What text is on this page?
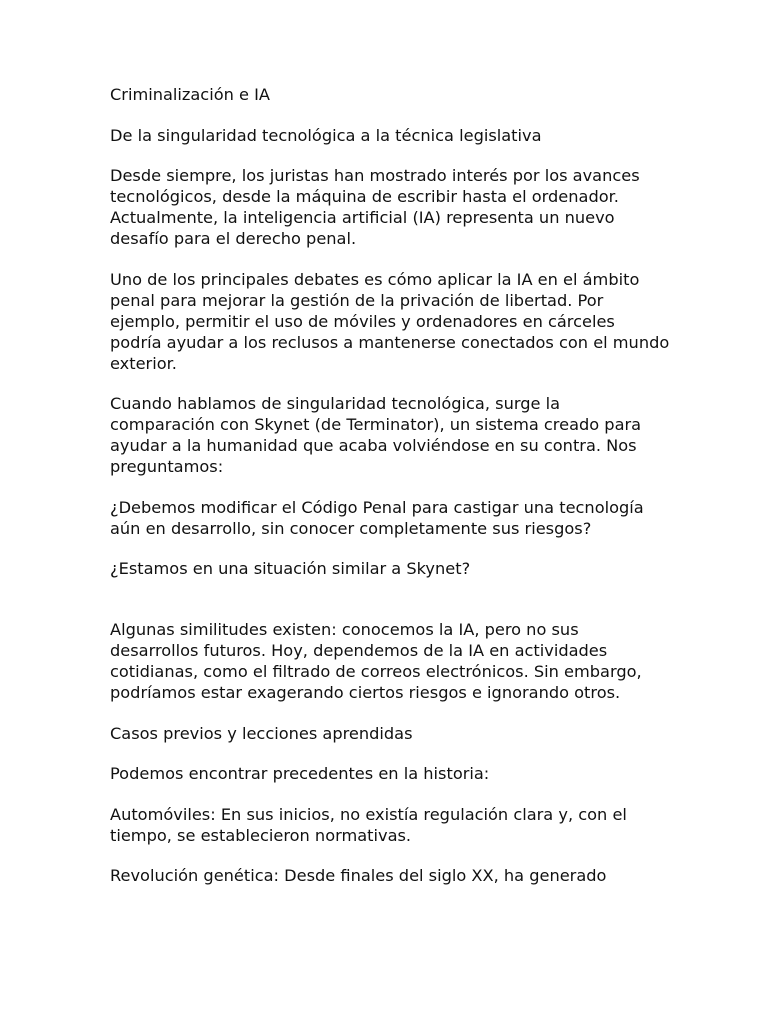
Criminalización e IA

De la singularidad tecnológica a la técnica legislativa

Desde siempre, los juristas han mostrado interés por los avances tecnológicos, desde la máquina de escribir hasta el ordenador. Actualmente, la inteligencia artificial (IA) representa un nuevo desafío para el derecho penal.

Uno de los principales debates es cómo aplicar la IA en el ámbito penal para mejorar la gestión de la privación de libertad. Por ejemplo, permitir el uso de móviles y ordenadores en cárceles podría ayudar a los reclusos a mantenerse conectados con el mundo exterior.

Cuando hablamos de singularidad tecnológica, surge la comparación con Skynet (de Terminator), un sistema creado para ayudar a la humanidad que acaba volviéndose en su contra. Nos preguntamos:

¿Debemos modificar el Código Penal para castigar una tecnología aún en desarrollo, sin conocer completamente sus riesgos?

¿Estamos en una situación similar a Skynet?

Algunas similitudes existen: conocemos la IA, pero no sus desarrollos futuros. Hoy, dependemos de la IA en actividades cotidianas, como el filtrado de correos electrónicos. Sin embargo, podríamos estar exagerando ciertos riesgos e ignorando otros.

Casos previos y lecciones aprendidas

Podemos encontrar precedentes en la historia:

Automóviles: En sus inicios, no existía regulación clara y, con el tiempo, se establecieron normativas.

Revolución genética: Desde finales del siglo XX, ha generado
